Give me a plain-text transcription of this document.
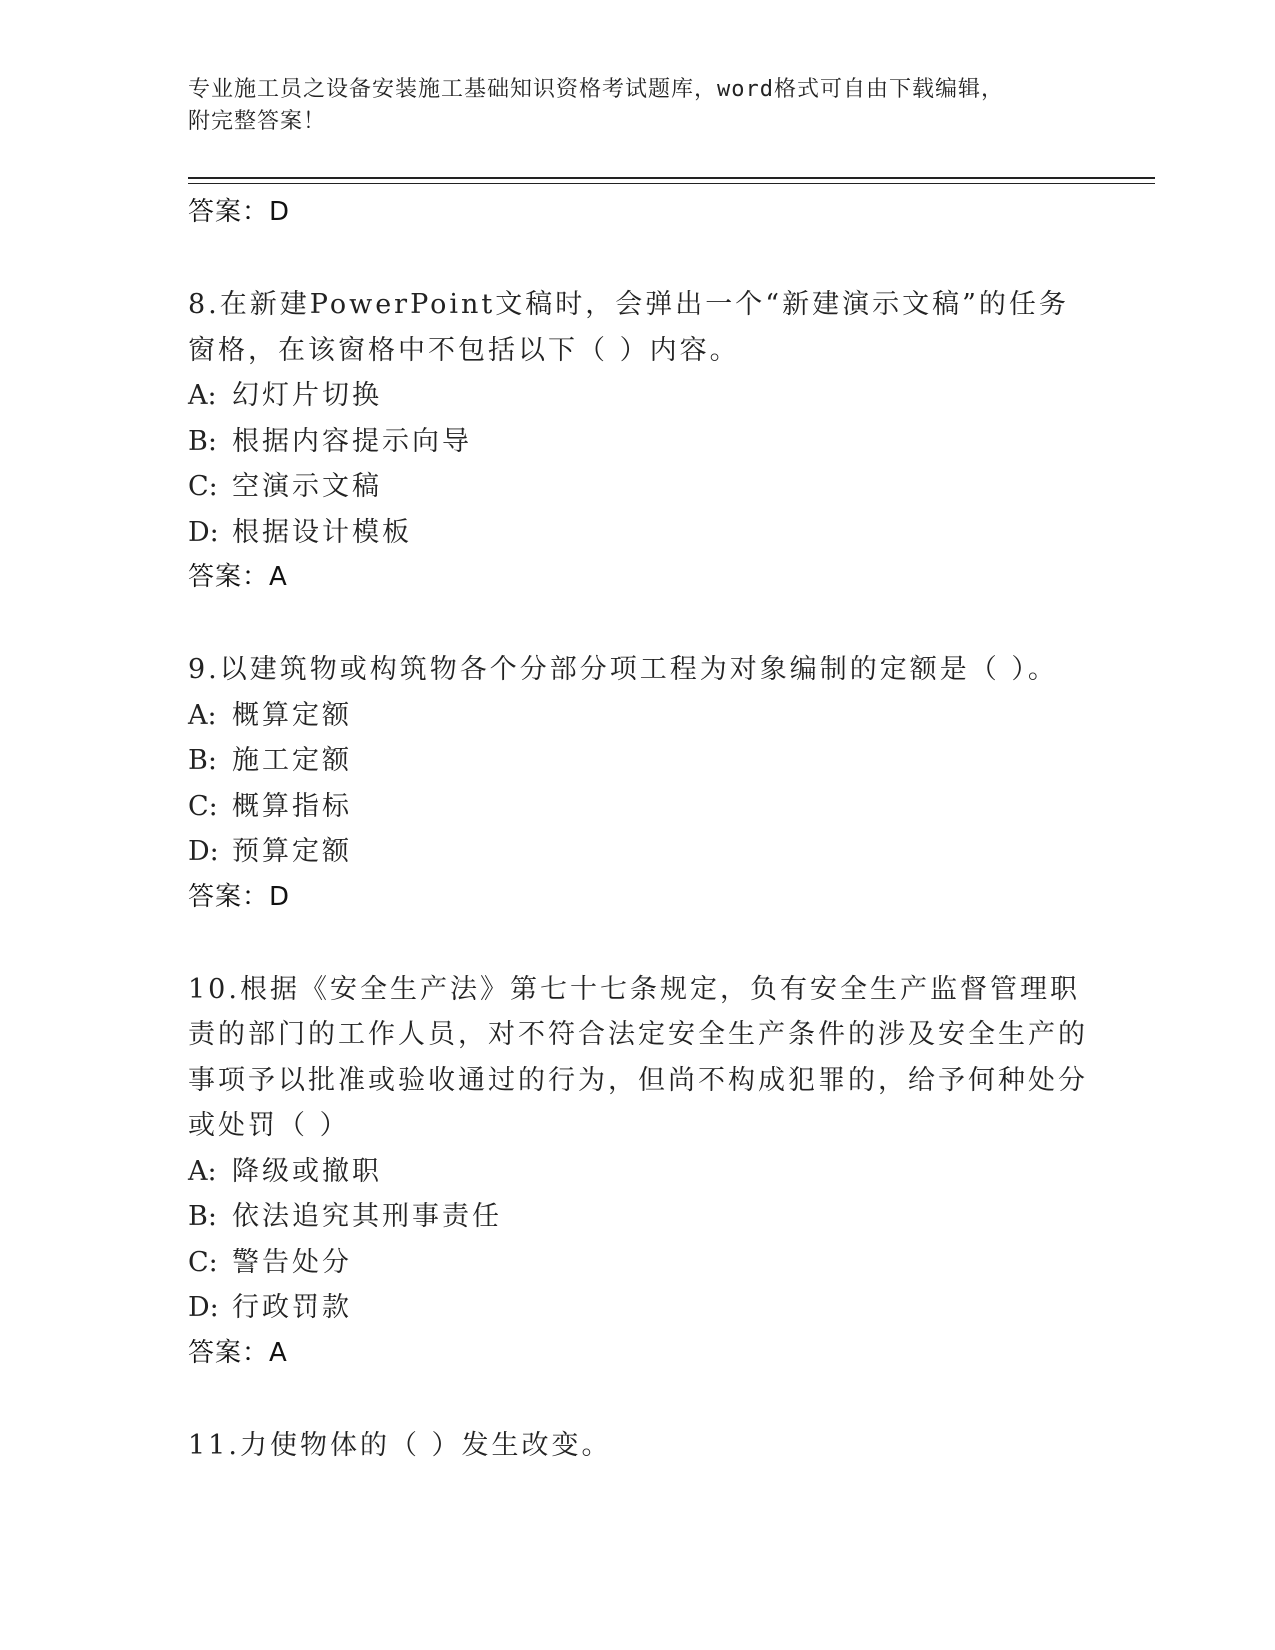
专业施工员之设备安装施工基础知识资格考试题库，word格式可自由下载编辑，
附完整答案！
答案：D
8.在新建PowerPoint文稿时，会弹出一个“新建演示文稿”的任务窗格，在该窗格中不包括以下（ ）内容。
A: 幻灯片切换
B: 根据内容提示向导
C: 空演示文稿
D: 根据设计模板
答案：A
9.以建筑物或构筑物各个分部分项工程为对象编制的定额是（ ）。
A: 概算定额
B: 施工定额
C: 概算指标
D: 预算定额
答案：D
10.根据《安全生产法》第七十七条规定，负有安全生产监督管理职责的部门的工作人员，对不符合法定安全生产条件的涉及安全生产的事项予以批准或验收通过的行为，但尚不构成犯罪的，给予何种处分或处罚（ ）
A: 降级或撤职
B: 依法追究其刑事责任
C: 警告处分
D: 行政罚款
答案：A
11.力使物体的（ ）发生改变。
